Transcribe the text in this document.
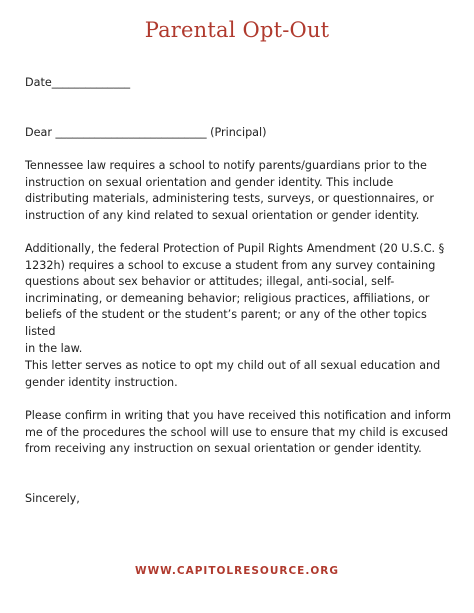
Parental Opt-Out
Date______________
Dear ___________________________ (Principal)
Tennessee law requires a school to notify parents/guardians prior to the
instruction on sexual orientation and gender identity. This include
distributing materials, administering tests, surveys, or questionnaires, or
instruction of any kind related to sexual orientation or gender identity.
Additionally, the federal Protection of Pupil Rights Amendment (20 U.S.C. §
1232h) requires a school to excuse a student from any survey containing
questions about sex behavior or attitudes; illegal, anti-social, self-
incriminating, or demeaning behavior; religious practices, affiliations, or
beliefs of the student or the student’s parent; or any of the other topics listed
in the law.
This letter serves as notice to opt my child out of all sexual education and
gender identity instruction.
Please confirm in writing that you have received this notification and inform
me of the procedures the school will use to ensure that my child is excused
from receiving any instruction on sexual orientation or gender identity.
Sincerely,
WWW.CAPITOLRESOURCE.ORG
